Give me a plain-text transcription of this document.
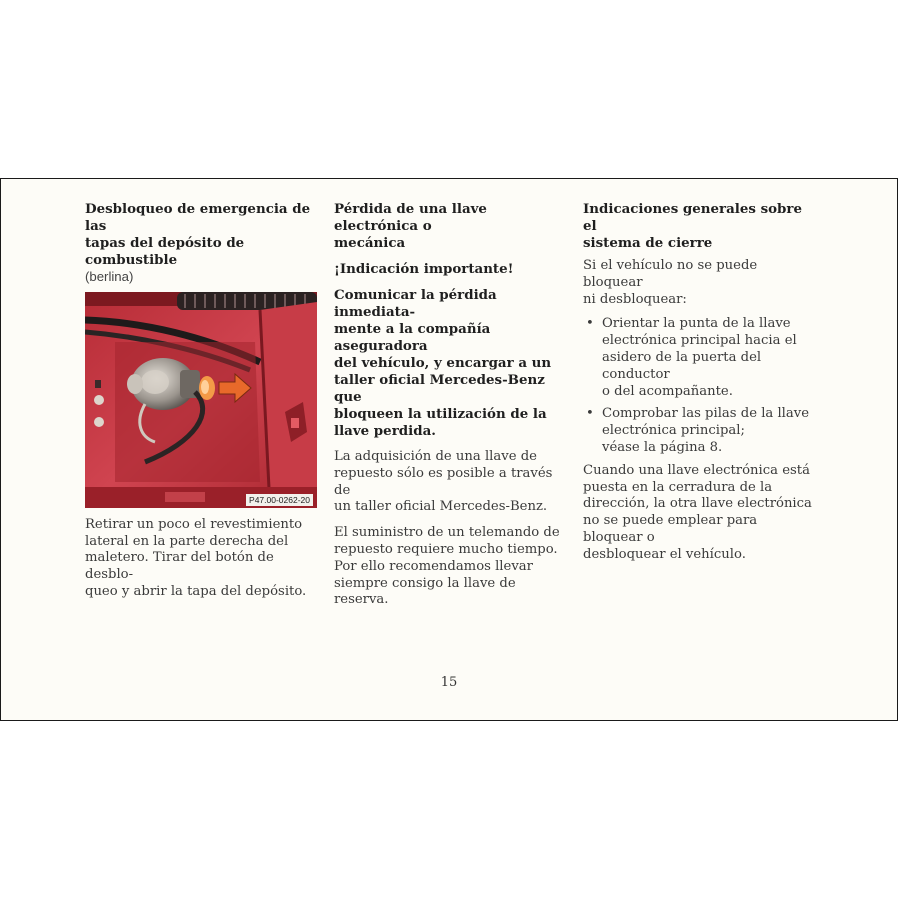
Desbloqueo de emergencia de las
tapas del depósito de combustible
(berlina)
P47.00-0262-20
Retirar un poco el revestimiento
lateral en la parte derecha del
maletero. Tirar del botón de desblo-
queo y abrir la tapa del depósito.
Pérdida de una llave electrónica o
mecánica
¡Indicación importante!
Comunicar la pérdida inmediata-
mente a la compañía aseguradora
del vehículo, y encargar a un
taller oficial Mercedes-Benz que
bloqueen la utilización de la
llave perdida.
La adquisición de una llave de
repuesto sólo es posible a través de
un taller oficial Mercedes-Benz.
El suministro de un telemando de
repuesto requiere mucho tiempo.
Por ello recomendamos llevar
siempre consigo la llave de reserva.
Indicaciones generales sobre el
sistema de cierre
Si el vehículo no se puede bloquear
ni desbloquear:
• Orientar la punta de la llave
electrónica principal hacia el
asidero de la puerta del conductor
o del acompañante.
• Comprobar las pilas de la llave
electrónica principal;
véase la página 8.
Cuando una llave electrónica está
puesta en la cerradura de la
dirección, la otra llave electrónica
no se puede emplear para bloquear o
desbloquear el vehículo.
15
